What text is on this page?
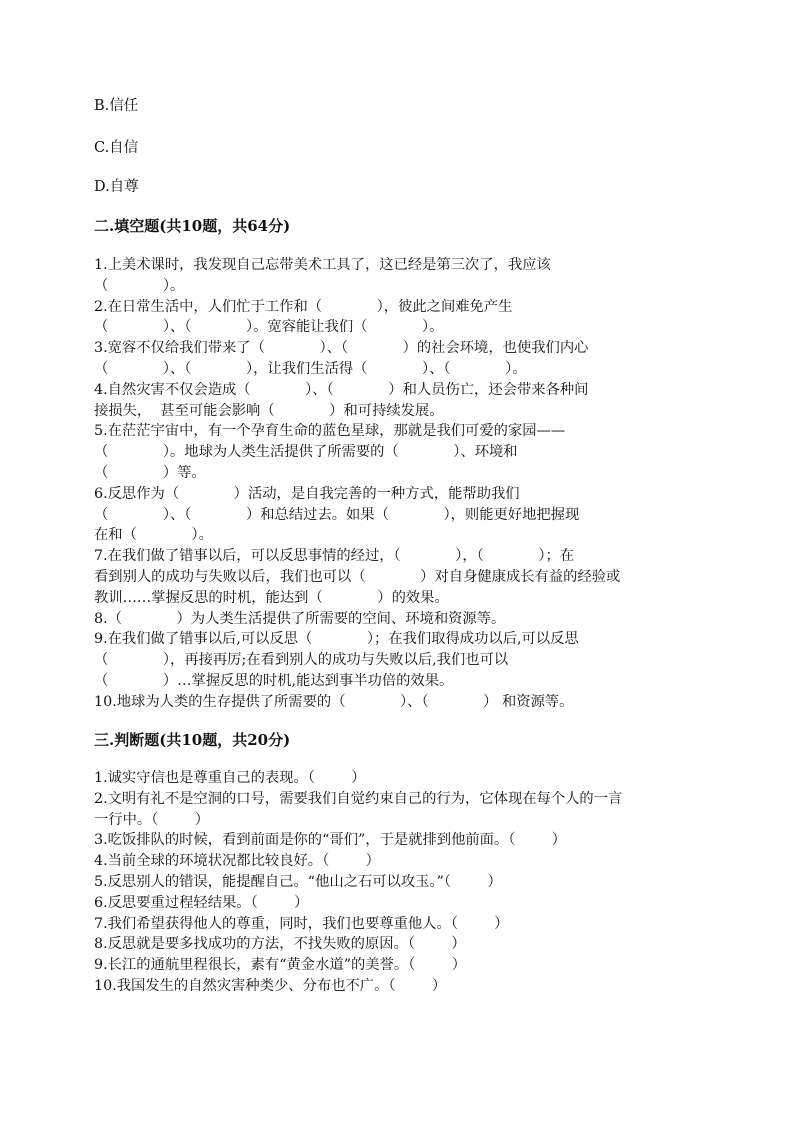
B.信任
C.自信
D.自尊
二.填空题(共10题，共64分)

1.上美术课时，我发现自己忘带美术工具了，这已经是第三次了，我应该
（            ）。

2.在日常生活中，人们忙于工作和（            ），彼此之间难免产生
（            ）、（            ）。宽容能让我们（            ）。

3.宽容不仅给我们带来了（            ）、（            ）的社会环境，也使我们内心
（            ）、（            ），让我们生活得（            ）、（            ）。

4.自然灾害不仅会造成（            ）、（            ）和人员伤亡，还会带来各种间
接损失，  甚至可能会影响（            ）和可持续发展。

5.在茫茫宇宙中，有一个孕育生命的蓝色星球，那就是我们可爱的家园——
（            ）。地球为人类生活提供了所需要的（            ）、环境和
（            ）等。

6.反思作为（            ）活动，是自我完善的一种方式，能帮助我们
（            ）、（            ）和总结过去。如果（            ），则能更好地把握现
在和（            ）。

7.在我们做了错事以后，可以反思事情的经过，（            ），（            ）；在
看到别人的成功与失败以后，我们也可以（            ）对自身健康成长有益的经验或
教训……掌握反思的时机，能达到（            ）的效果。

8.（            ）为人类生活提供了所需要的空间、环境和资源等。

9.在我们做了错事以后,可以反思（            ）；在我们取得成功以后,可以反思
（            ），再接再厉;在看到别人的成功与失败以后,我们也可以
（            ）…掌握反思的时机,能达到事半功倍的效果。

10.地球为人类的生存提供了所需要的（            ）、（            ） 和资源等。

三.判断题(共10题，共20分)

1.诚实守信也是尊重自己的表现。（        ）

2.文明有礼不是空洞的口号，需要我们自觉约束自己的行为，它体现在每个人的一言
一行中。（        ）

3.吃饭排队的时候，看到前面是你的“哥们”，于是就排到他前面。（        ）

4.当前全球的环境状况都比较良好。（        ）

5.反思别人的错误，能提醒自己。“他山之石可以攻玉。”（        ）

6.反思要重过程轻结果。（        ）

7.我们希望获得他人的尊重，同时，我们也要尊重他人。（        ）

8.反思就是要多找成功的方法，不找失败的原因。（        ）

9.长江的通航里程很长，素有“黄金水道”的美誉。（        ）

10.我国发生的自然灾害种类少、分布也不广。（        ）
